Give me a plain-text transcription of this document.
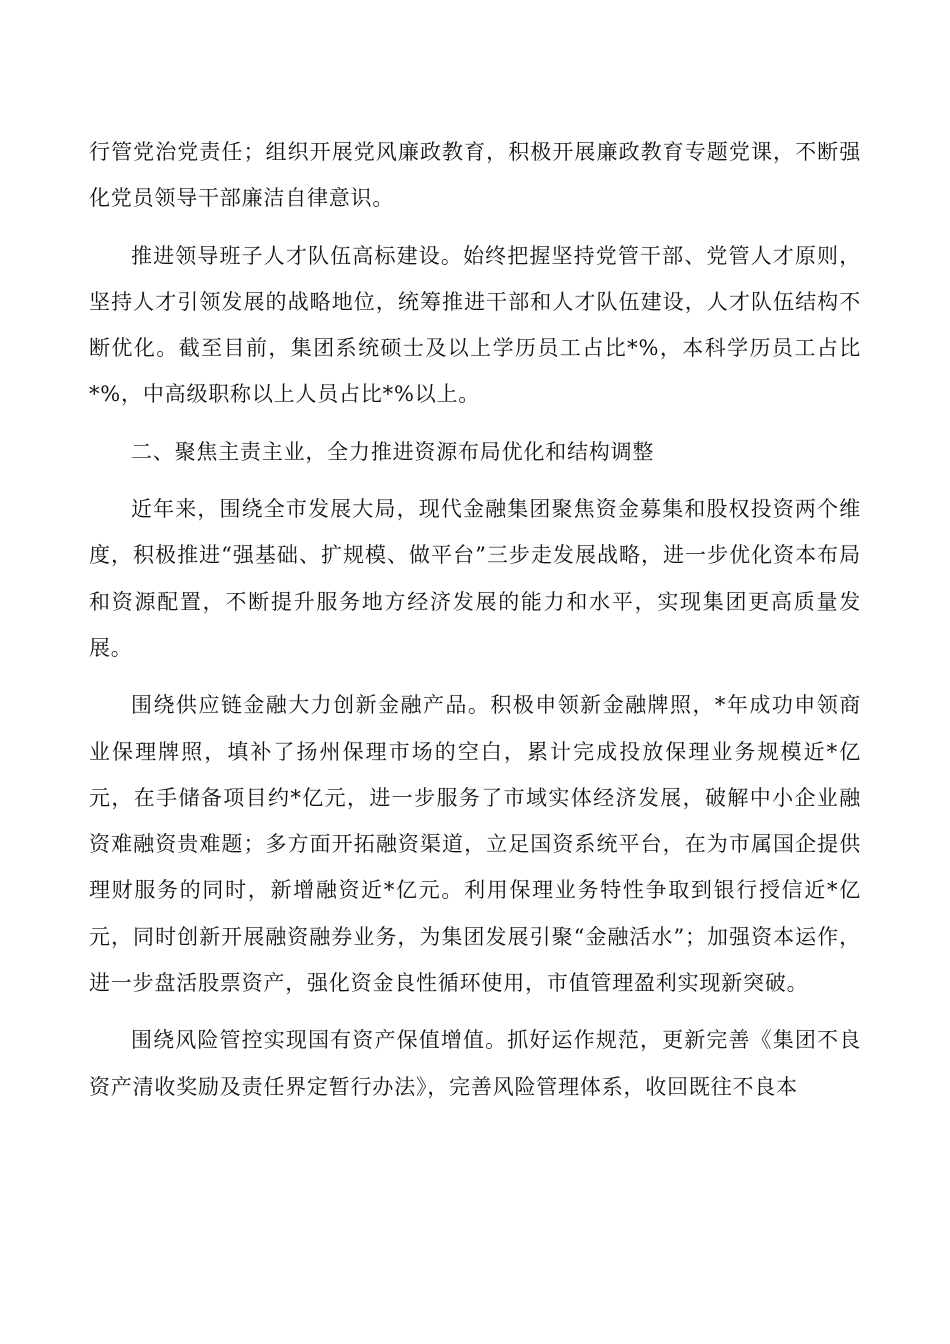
行管党治党责任；组织开展党风廉政教育，积极开展廉政教育专题党课，不断强化党员领导干部廉洁自律意识。

推进领导班子人才队伍高标建设。始终把握坚持党管干部、党管人才原则，坚持人才引领发展的战略地位，统筹推进干部和人才队伍建设，人才队伍结构不断优化。截至目前，集团系统硕士及以上学历员工占比*%，本科学历员工占比*%，中高级职称以上人员占比*%以上。

二、聚焦主责主业，全力推进资源布局优化和结构调整

近年来，围绕全市发展大局，现代金融集团聚焦资金募集和股权投资两个维度，积极推进“强基础、扩规模、做平台”三步走发展战略，进一步优化资本布局和资源配置，不断提升服务地方经济发展的能力和水平，实现集团更高质量发展。

围绕供应链金融大力创新金融产品。积极申领新金融牌照，*年成功申领商业保理牌照，填补了扬州保理市场的空白，累计完成投放保理业务规模近*亿元，在手储备项目约*亿元，进一步服务了市域实体经济发展，破解中小企业融资难融资贵难题；多方面开拓融资渠道，立足国资系统平台，在为市属国企提供理财服务的同时，新增融资近*亿元。利用保理业务特性争取到银行授信近*亿元，同时创新开展融资融券业务，为集团发展引聚“金融活水”；加强资本运作，进一步盘活股票资产，强化资金良性循环使用，市值管理盈利实现新突破。

围绕风险管控实现国有资产保值增值。抓好运作规范，更新完善《集团不良资产清收奖励及责任界定暂行办法》，完善风险管理体系，收回既往不良本
